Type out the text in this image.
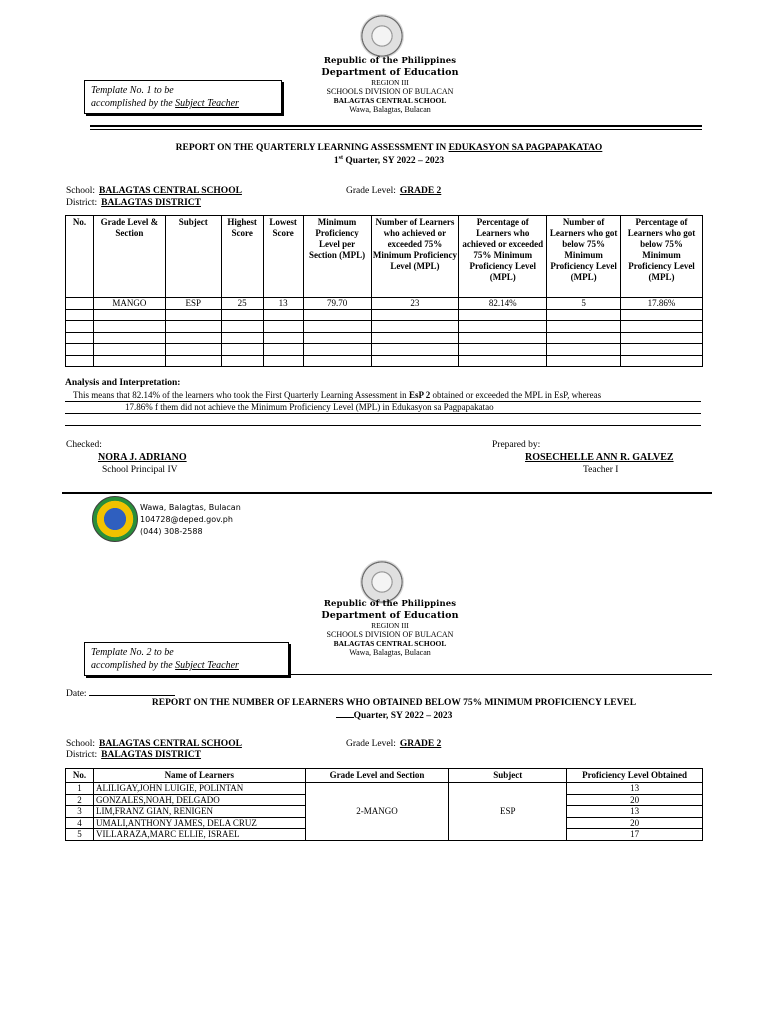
Republic of the Philippines
Department of Education
REGION III
SCHOOLS DIVISION OF BULACAN
BALAGTAS CENTRAL SCHOOL
Wawa, Balagtas, Bulacan
Template No. 1 to be
accomplished by the Subject Teacher
REPORT ON THE QUARTERLY LEARNING ASSESSMENT IN EDUKASYON SA PAGPAPAKATAO
1st Quarter, SY 2022 – 2023
School: BALAGTAS CENTRAL SCHOOL	Grade Level: GRADE 2
District: BALAGTAS DISTRICT
No.	Grade Level & Section	Subject	Highest Score	Lowest Score	Minimum Proficiency Level per Section (MPL)	Number of Learners who achieved or exceeded 75% Minimum Proficiency Level (MPL)	Percentage of Learners who achieved or exceeded 75% Minimum Proficiency Level (MPL)	Number of Learners who got below 75% Minimum Proficiency Level (MPL)	Percentage of Learners who got below 75% Minimum Proficiency Level (MPL)
	MANGO	ESP	25	13	79.70	23	82.14%	5	17.86%

Analysis and Interpretation:
This means that 82.14% of the learners who took the First Quarterly Learning Assessment in EsP 2 obtained or exceeded the MPL in EsP, whereas
17.86% f them did not achieve the Minimum Proficiency Level (MPL) in Edukasyon sa Pagpapakatao
Checked:
NORA J. ADRIANO
School Principal IV
Prepared by:
ROSECHELLE ANN R. GALVEZ
Teacher I
Wawa, Balagtas, Bulacan
104728@deped.gov.ph
(044) 308-2588
Republic of the Philippines
Department of Education
REGION III
SCHOOLS DIVISION OF BULACAN
BALAGTAS CENTRAL SCHOOL
Wawa, Balagtas, Bulacan
Template No. 2 to be
accomplished by the Subject Teacher
Date:
REPORT ON THE NUMBER OF LEARNERS WHO OBTAINED BELOW 75% MINIMUM PROFICIENCY LEVEL
Quarter, SY 2022 – 2023
School: BALAGTAS CENTRAL SCHOOL	Grade Level: GRADE 2
District: BALAGTAS DISTRICT
No.	Name of Learners	Grade Level and Section	Subject	Proficiency Level Obtained
1	ALILIGAY,JOHN LUIGIE, POLINTAN	2-MANGO	ESP	13
2	GONZALES,NOAH, DELGADO			20
3	LIM,FRANZ GIAN, RENIGEN			13
4	UMALI,ANTHONY JAMES, DELA CRUZ			20
5	VILLARAZA,MARC ELLIE, ISRAEL			17
